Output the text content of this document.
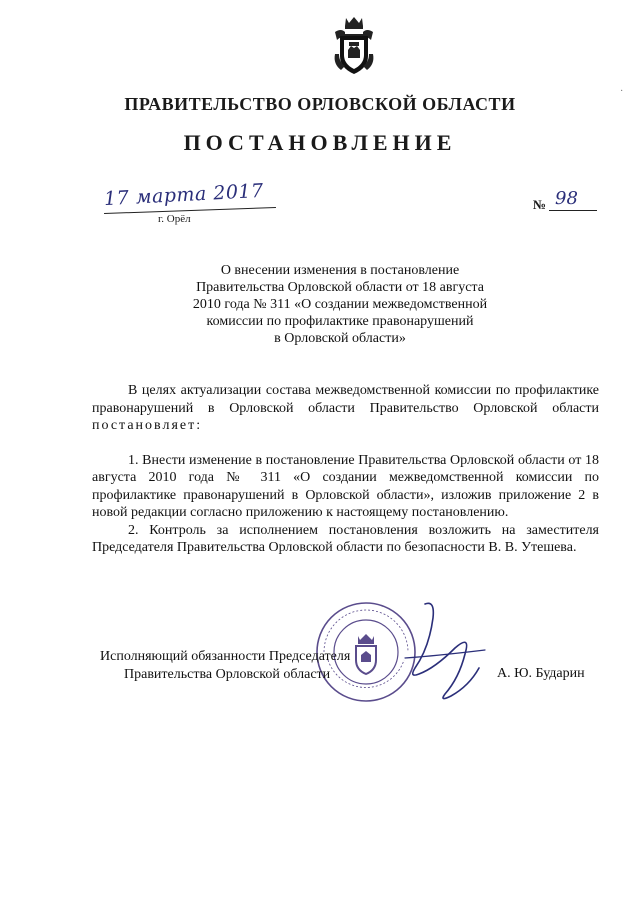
·
ПРАВИТЕЛЬСТВО ОРЛОВСКОЙ ОБЛАСТИ
ПОСТАНОВЛЕНИЕ
17 марта 2017
г. Орёл
№ 98
О внесении изменения в постановление
Правительства Орловской области от 18 августа
2010 года № 311 «О создании межведомственной
комиссии по профилактике правонарушений
в Орловской области»

В целях актуализации состава межведомственной комиссии по профилактике правонарушений в Орловской области Правительство Орловской области постановляет:

1. Внести изменение в постановление Правительства Орловской области от 18 августа 2010 года № 311 «О создании межведомственной комиссии по профилактике правонарушений в Орловской области», изложив приложение 2 в новой редакции согласно приложению к настоящему постановлению.

2. Контроль за исполнением постановления возложить на заместителя Председателя Правительства Орловской области по безопасности В. В. Утешева.

Исполняющий обязанности Председателя
Правительства Орловской области	А. Ю. Бударин
